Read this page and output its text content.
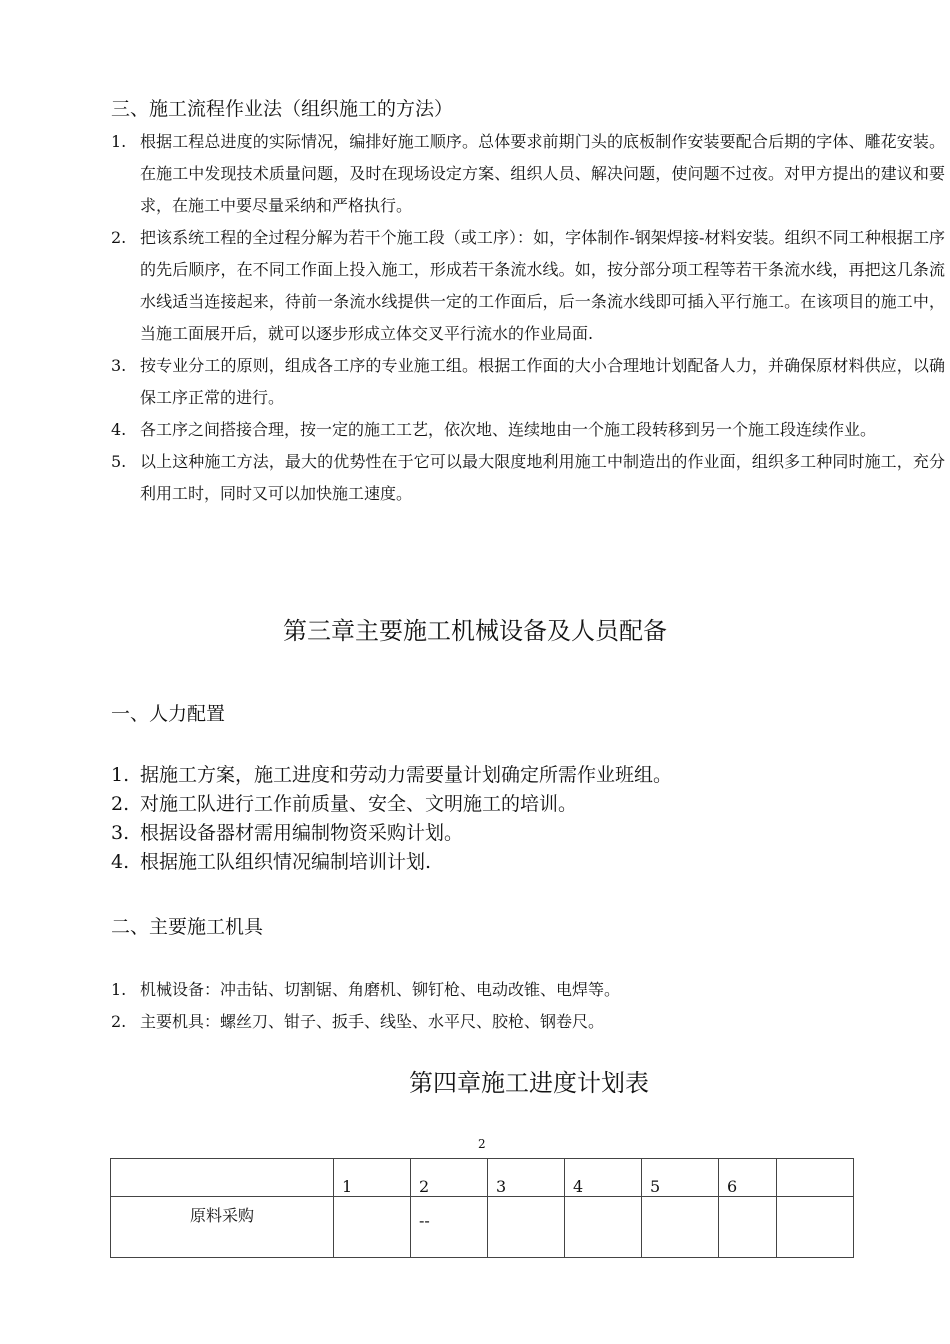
三、施工流程作业法（组织施工的方法）
1. 根据工程总进度的实际情况，编排好施工顺序。总体要求前期门头的底板制作安装要配合后期的字体、雕花安装。在施工中发现技术质量问题，及时在现场设定方案、组织人员、解决问题，使问题不过夜。对甲方提出的建议和要求，在施工中要尽量采纳和严格执行。
2. 把该系统工程的全过程分解为若干个施工段（或工序）：如，字体制作-钢架焊接-材料安装。组织不同工种根据工序的先后顺序，在不同工作面上投入施工，形成若干条流水线。如，按分部分项工程等若干条流水线，再把这几条流水线适当连接起来，待前一条流水线提供一定的工作面后，后一条流水线即可插入平行施工。在该项目的施工中，当施工面展开后，就可以逐步形成立体交叉平行流水的作业局面.
3. 按专业分工的原则，组成各工序的专业施工组。根据工作面的大小合理地计划配备人力，并确保原材料供应，以确保工序正常的进行。
4. 各工序之间搭接合理，按一定的施工工艺，依次地、连续地由一个施工段转移到另一个施工段连续作业。
5. 以上这种施工方法，最大的优势性在于它可以最大限度地利用施工中制造出的作业面，组织多工种同时施工，充分利用工时，同时又可以加快施工速度。
第三章主要施工机械设备及人员配备
一、人力配置
1. 据施工方案，施工进度和劳动力需要量计划确定所需作业班组。
2. 对施工队进行工作前质量、安全、文明施工的培训。
3. 根据设备器材需用编制物资采购计划。
4. 根据施工队组织情况编制培训计划.
二、主要施工机具
1. 机械设备：冲击钻、切割锯、角磨机、铆钉枪、电动改锥、电焊等。
2. 主要机具：螺丝刀、钳子、扳手、线坠、水平尺、胶枪、钢卷尺。
第四章施工进度计划表
2
	1	2	3	4	5	6	
原料采购		--					
